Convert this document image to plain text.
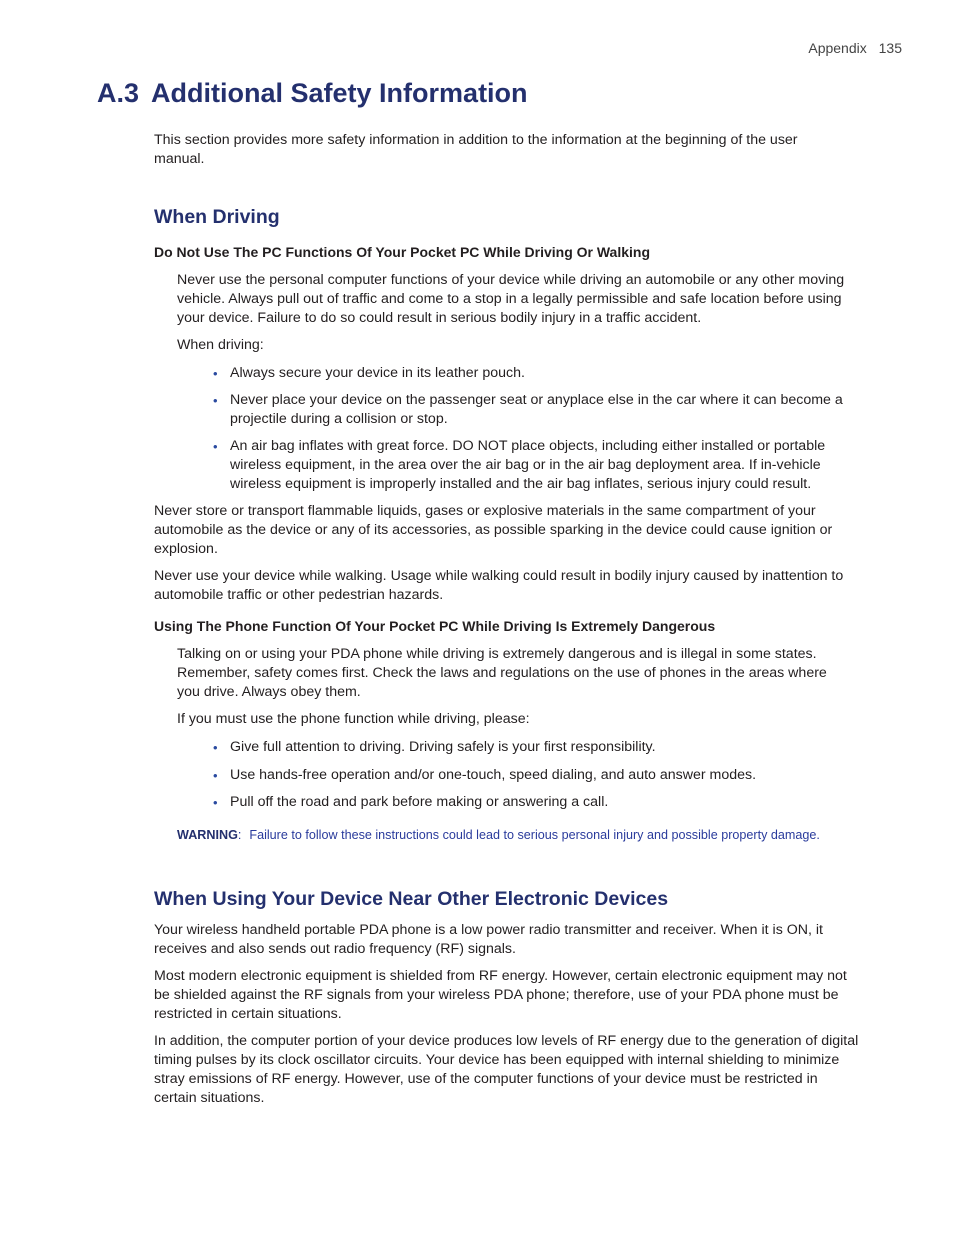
Appendix 135
A.3 Additional Safety Information

This section provides more safety information in addition to the information at the beginning of the user manual.

When Driving
Do Not Use The PC Functions Of Your Pocket PC While Driving Or Walking

Never use the personal computer functions of your device while driving an automobile or any other moving vehicle. Always pull out of traffic and come to a stop in a legally permissible and safe location before using your device. Failure to do so could result in serious bodily injury in a traffic accident.

When driving:

• Always secure your device in its leather pouch.
• Never place your device on the passenger seat or anyplace else in the car where it can become a projectile during a collision or stop.
• An air bag inflates with great force. DO NOT place objects, including either installed or portable wireless equipment, in the area over the air bag or in the air bag deployment area. If in-vehicle wireless equipment is improperly installed and the air bag inflates, serious injury could result.

Never store or transport flammable liquids, gases or explosive materials in the same compartment of your automobile as the device or any of its accessories, as possible sparking in the device could cause ignition or explosion.

Never use your device while walking. Usage while walking could result in bodily injury caused by inattention to automobile traffic or other pedestrian hazards.

Using The Phone Function Of Your Pocket PC While Driving Is Extremely Dangerous

Talking on or using your PDA phone while driving is extremely dangerous and is illegal in some states. Remember, safety comes first. Check the laws and regulations on the use of phones in the areas where you drive. Always obey them.

If you must use the phone function while driving, please:

• Give full attention to driving. Driving safely is your first responsibility.
• Use hands-free operation and/or one-touch, speed dialing, and auto answer modes.
• Pull off the road and park before making or answering a call.

WARNING: Failure to follow these instructions could lead to serious personal injury and possible property damage.

When Using Your Device Near Other Electronic Devices

Your wireless handheld portable PDA phone is a low power radio transmitter and receiver. When it is ON, it receives and also sends out radio frequency (RF) signals.

Most modern electronic equipment is shielded from RF energy. However, certain electronic equipment may not be shielded against the RF signals from your wireless PDA phone; therefore, use of your PDA phone must be restricted in certain situations.

In addition, the computer portion of your device produces low levels of RF energy due to the generation of digital timing pulses by its clock oscillator circuits. Your device has been equipped with internal shielding to minimize stray emissions of RF energy. However, use of the computer functions of your device must be restricted in certain situations.
